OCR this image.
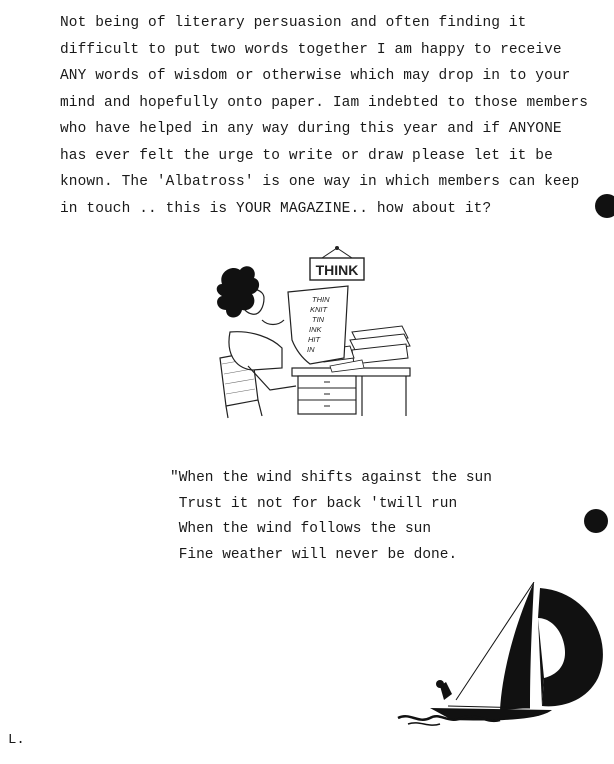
Not being of literary persuasion and often finding it
difficult to put two words together I am happy to receive
ANY words of wisdom or otherwise which may drop in to your
mind and hopefully onto paper. Iam indebted to those members
who have helped in any way during this year and if ANYONE
has ever felt the urge to write or draw please let it be
known. The 'Albatross' is one way in which members can keep
in touch .. this is YOUR MAGAZINE.. how about it?
THINK
THIN KNIT TIN INK HIT IN
"When the wind shifts against the sun
Trust it not for back 'twill run
When the wind follows the sun
Fine weather will never be done.
L.
